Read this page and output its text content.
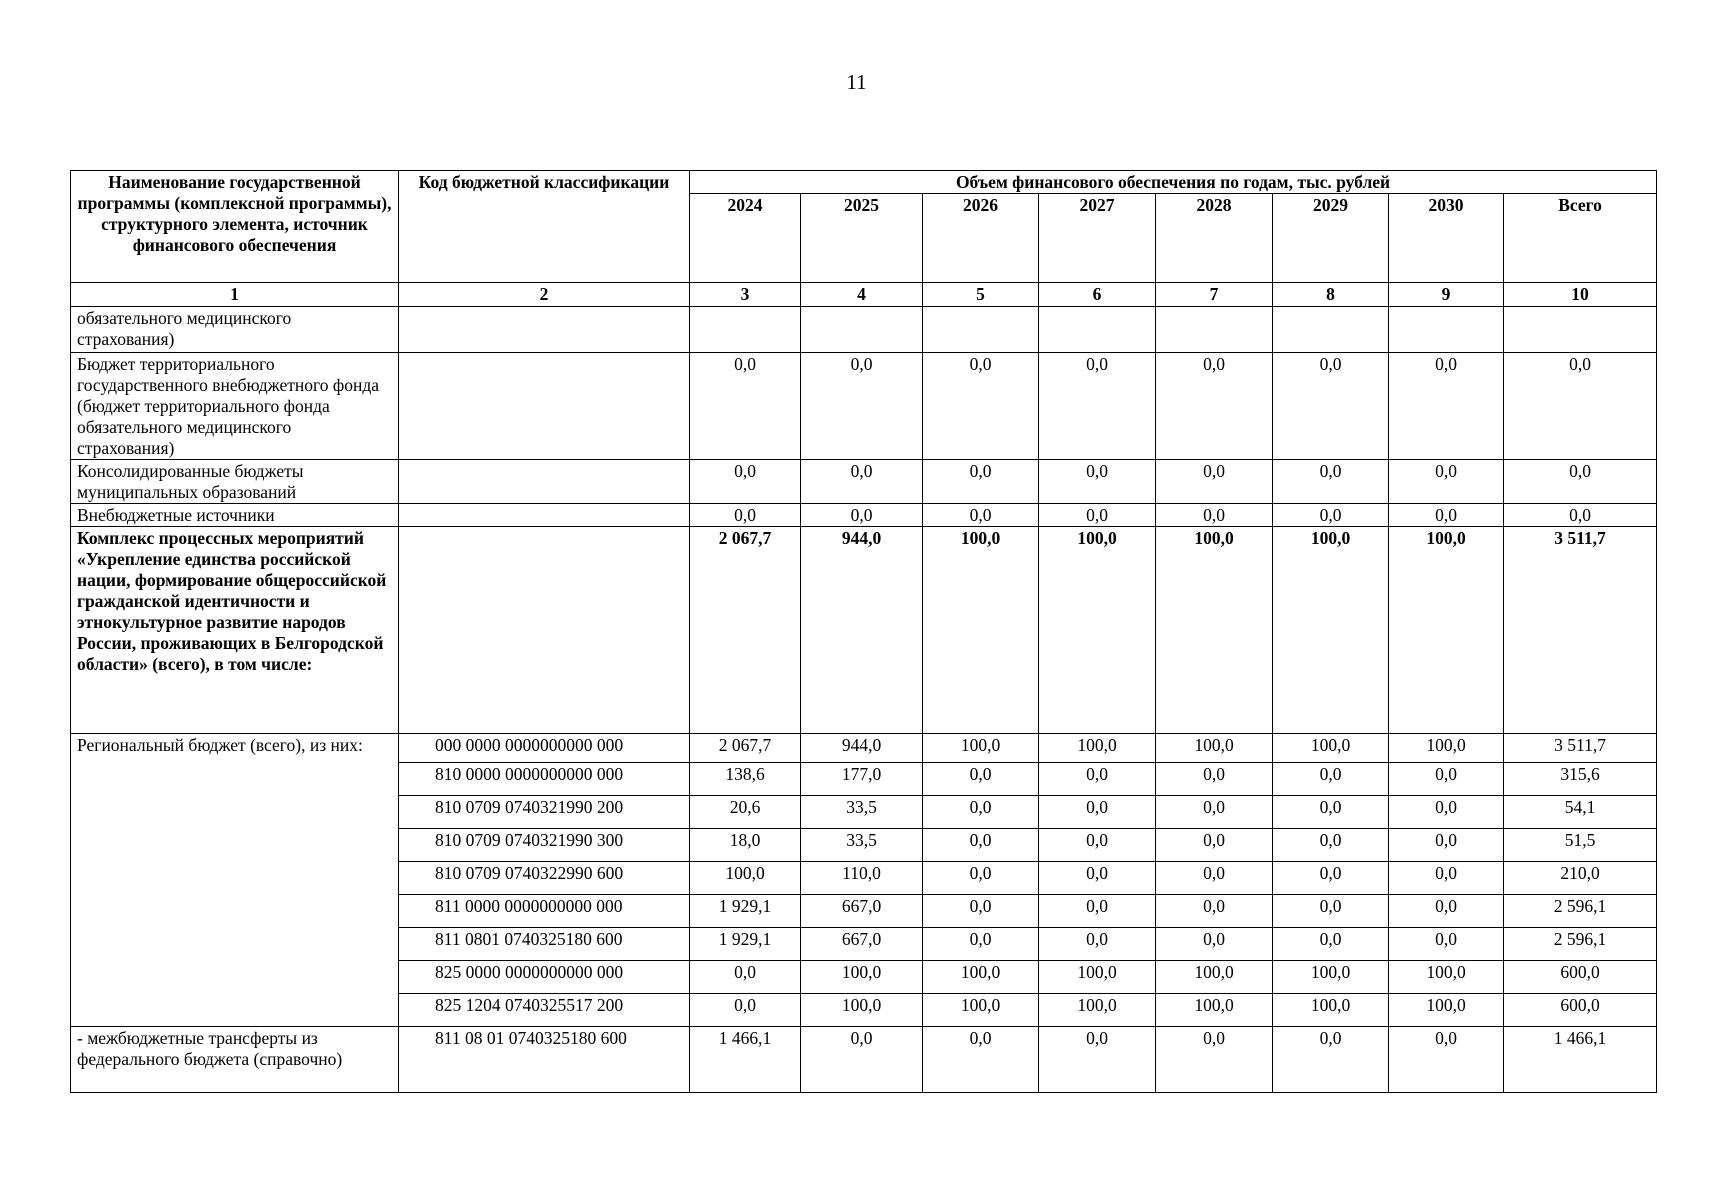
11
Наименование государственной программы (комплексной программы), структурного элемента, источник финансового обеспечения	Код бюджетной классификации	Объем финансового обеспечения по годам, тыс. рублей							
		2024	2025	2026	2027	2028	2029	2030	Всего
1	2	3	4	5	6	7	8	9	10
обязательного медицинского страхования)									
Бюджет территориального государственного внебюджетного фонда (бюджет территориального фонда обязательного медицинского страхования)		0,0	0,0	0,0	0,0	0,0	0,0	0,0	0,0
Консолидированные бюджеты муниципальных образований		0,0	0,0	0,0	0,0	0,0	0,0	0,0	0,0
Внебюджетные источники		0,0	0,0	0,0	0,0	0,0	0,0	0,0	0,0
Комплекс процессных мероприятий «Укрепление единства российской нации, формирование общероссийской гражданской идентичности и этнокультурное развитие народов России, проживающих в Белгородской области» (всего), в том числе:		2 067,7	944,0	100,0	100,0	100,0	100,0	100,0	3 511,7
Региональный бюджет (всего), из них:	000 0000 0000000000 000	2 067,7	944,0	100,0	100,0	100,0	100,0	100,0	3 511,7
	810 0000 0000000000 000	138,6	177,0	0,0	0,0	0,0	0,0	0,0	315,6
	810 0709 0740321990 200	20,6	33,5	0,0	0,0	0,0	0,0	0,0	54,1
	810 0709 0740321990 300	18,0	33,5	0,0	0,0	0,0	0,0	0,0	51,5
	810 0709 0740322990 600	100,0	110,0	0,0	0,0	0,0	0,0	0,0	210,0
	811 0000 0000000000 000	1 929,1	667,0	0,0	0,0	0,0	0,0	0,0	2 596,1
	811 0801 0740325180 600	1 929,1	667,0	0,0	0,0	0,0	0,0	0,0	2 596,1
	825 0000 0000000000 000	0,0	100,0	100,0	100,0	100,0	100,0	100,0	600,0
	825 1204 0740325517 200	0,0	100,0	100,0	100,0	100,0	100,0	100,0	600,0
- межбюджетные трансферты из федерального бюджета (справочно)	811 08 01 0740325180 600	1 466,1	0,0	0,0	0,0	0,0	0,0	0,0	1 466,1
